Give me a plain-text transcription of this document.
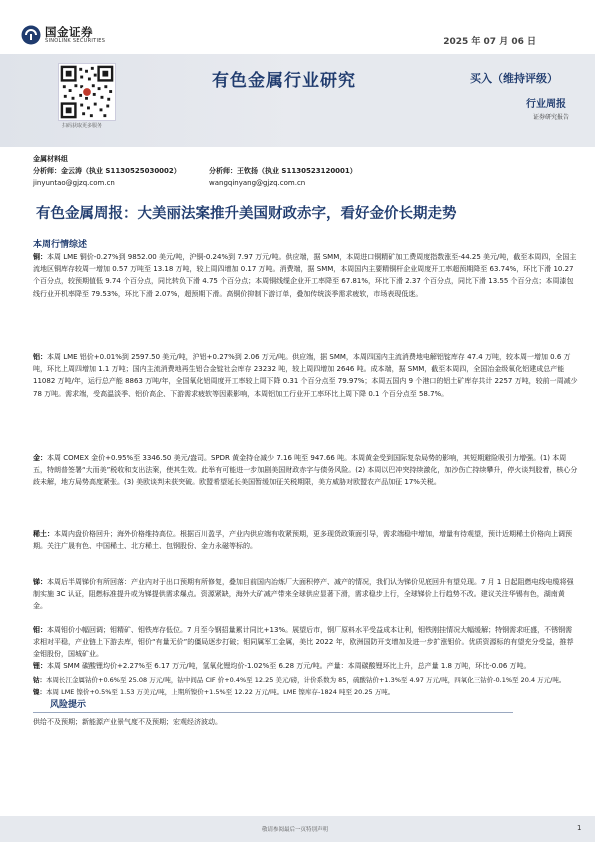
国金证券
SINOLINK SECURITIES	2025 年 07 月 06 日
扫码获取更多服务
有色金属行业研究	买入（维持评级）
行业周报
证券研究报告
金属材料组
分析师：金云涛（执业 S1130525030002）	分析师：王钦扬（执业 S1130523120001）
jinyuntao@gjzq.com.cn	wangqinyang@gjzq.com.cn
有色金属周报：大美丽法案推升美国财政赤字，看好金价长期走势
本周行情综述
铜：本周 LME 铜价-0.27%到 9852.00 美元/吨，沪铜-0.24%到 7.97 万元/吨。供应端，据 SMM，本周进口铜精矿加工费周度指数涨至-44.25 美元/吨，截至本周四，全国主流地区铜库存较周一增加 0.57 万吨至 13.18 万吨，较上周四增加 0.17 万吨。消费端，据 SMM，本周国内主要精铜杆企业周度开工率超预期降至 63.74%，环比下滑 10.27 个百分点，较预期值低 9.74 个百分点，同比转负下滑 4.75 个百分点；本周铜线缆企业开工率降至 67.81%，环比下滑 2.37 个百分点，同比下滑 13.55 个百分点；本周漆包线行业开机率降至 79.53%，环比下滑 2.07%，超预期下滑。高铜价抑制下游订单，叠加传统淡季需求疲软，市场表现低迷。
铝：本周 LME 铝价+0.01%到 2597.50 美元/吨，沪铝+0.27%到 2.06 万元/吨。供应端，据 SMM，本周四国内主流消费地电解铝锭库存 47.4 万吨，较本周一增加 0.6 万吨，环比上周四增加 1.1 万吨；国内主流消费地再生铝合金锭社会库存 23232 吨，较上周四增加 2646 吨。成本端，据 SMM，截至本周四，全国冶金级氧化铝建成总产能 11082 万吨/年，运行总产能 8863 万吨/年，全国氧化铝周度开工率较上周下降 0.31 个百分点至 79.97%；本周五国内 9 个港口的铝土矿库存共计 2257 万吨，较前一周减少 78 万吨。需求端，受高温淡季、铝价高企、下游需求疲软等因素影响，本周铝加工行业开工率环比上周下降 0.1 个百分点至 58.7%。
金：本周 COMEX 金价+0.95%至 3346.50 美元/盎司。SPDR 黄金持仓减少 7.16 吨至 947.66 吨。本周黄金受到国际复杂局势的影响，其短期避险吸引力增强。(1) 本周五，特朗普签署“大而美”税收和支出法案，使其生效。此举有可能进一步加剧美国财政赤字与债务风险。(2) 本周以巴冲突持续激化，加沙伤亡持续攀升，停火谈判胶着，核心分歧未解，地方局势高度紧张。(3) 美欧谈判未获突破。欧盟希望延长美国暂缓加征关税期限，美方威胁对欧盟农产品加征 17%关税。
稀土：本周内盘价格回升；海外价格维持高位。根据百川盈孚，产业内供应端有收紧预期，更多现货政策面引导，需求端稳中增加，增量有待观望，预计近期稀土价格向上调预期。关注广晟有色、中国稀土、北方稀土、包钢股份、金力永磁等标的。
锑：本周后半周锑价有所回落：产业内对于出口预期有所修复，叠加目前国内冶炼厂大面积停产、减产的情况，我们认为锑价见底回升有望兑现。7 月 1 日起阻燃电线电缆将强制实施 3C 认证，阻燃标准提升或为锑提供需求爆点。资源紧缺，海外大矿减产带来全球供应显著下滑，需求稳步上行，全球锑价上行趋势不改。建议关注华锡有色，湖南黄金。
钼：本周钼价小幅回调；钼精矿、钼铁库存低位。7 月至今钢招量累计同比+13%。展望后市，钢厂原料水平受益成本让利，钼铁刚挂情况大幅缓解；特钢需求旺盛，不锈钢需求相对平稳，产业链上下游去库，钼价“有量无价”的僵局逐步打破；钼同属军工金属，美比 2022 年，欧洲国防开支增加及进一步扩涨钼价。优质资源标的有望充分受益，推荐金钼股份，国城矿业。
锂：本周 SMM 碳酸锂均价+2.27%至 6.17 万元/吨，氢氧化锂均价-1.02%至 6.28 万元/吨。产量：本周碳酸锂环比上升，总产量 1.8 万吨，环比-0.06 万吨。
钴：本周长江金属钴价+0.6%至 25.08 万元/吨，钴中间品 CIF 价+0.4%至 12.25 美元/磅，计价系数为 85，硫酸钴价+1.3%至 4.97 万元/吨，四氧化三钴价-0.1%至 20.4 万元/吨。
镍：本周 LME 镍价+0.5%至 1.53 万美元/吨，上期所镍价+1.5%至 12.22 万元/吨。LME 镍库存-1824 吨至 20.25 万吨。
风险提示
供给不及预期；新能源产业景气度不及预期；宏观经济波动。
敬请参阅最后一页特别声明	1
